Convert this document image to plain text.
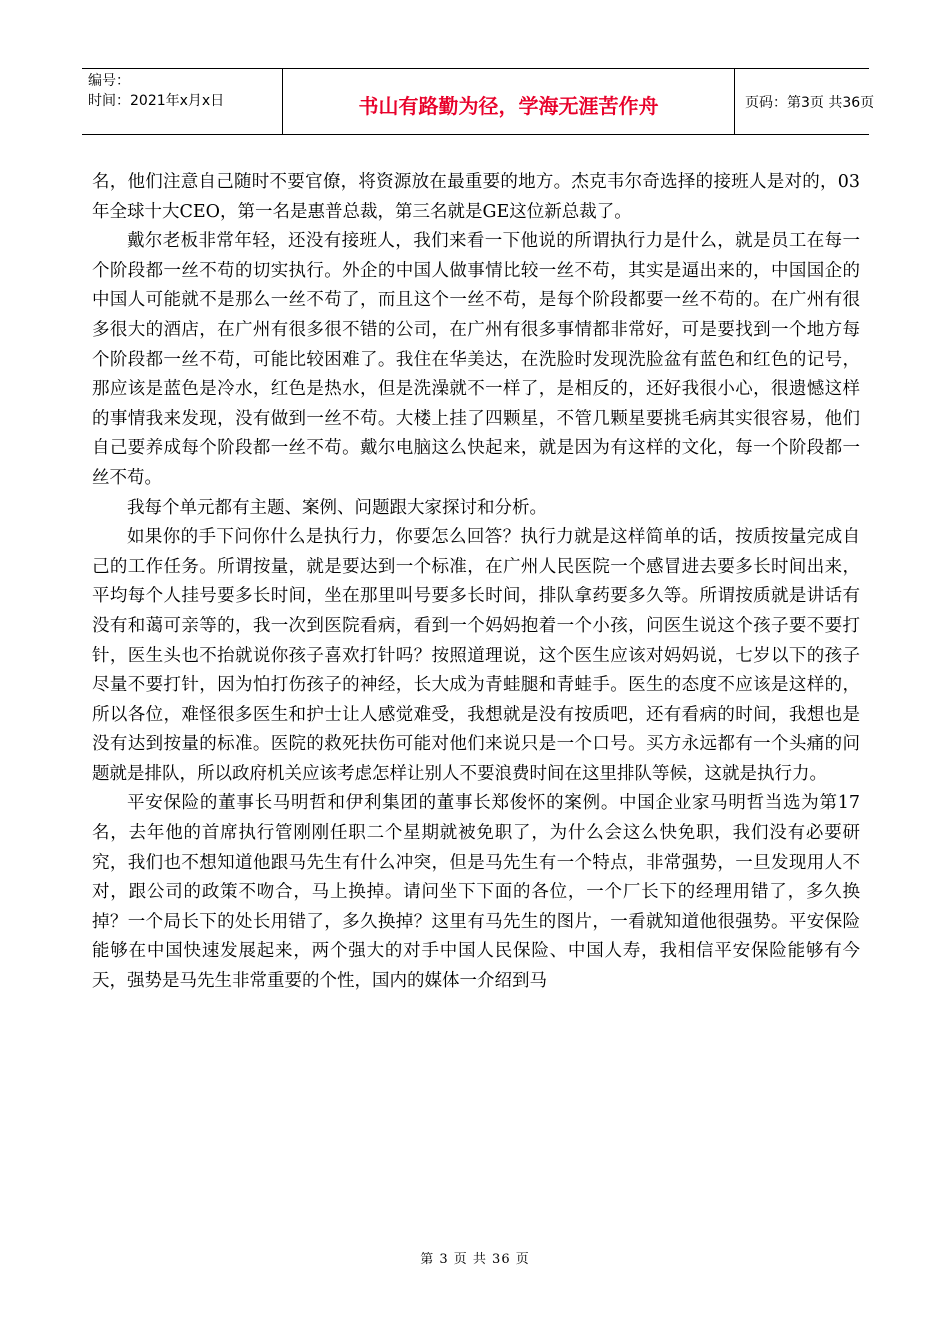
编号：
时间：2021年x月x日	书山有路勤为径，学海无涯苦作舟	页码：第3页 共36页

名，他们注意自己随时不要官僚，将资源放在最重要的地方。杰克韦尔奇选择的接班人是对的，03年全球十大CEO，第一名是惠普总裁，第三名就是GE这位新总裁了。

戴尔老板非常年轻，还没有接班人，我们来看一下他说的所谓执行力是什么，就是员工在每一个阶段都一丝不苟的切实执行。外企的中国人做事情比较一丝不苟，其实是逼出来的，中国国企的中国人可能就不是那么一丝不苟了，而且这个一丝不苟，是每个阶段都要一丝不苟的。在广州有很多很大的酒店，在广州有很多很不错的公司，在广州有很多事情都非常好，可是要找到一个地方每个阶段都一丝不苟，可能比较困难了。我住在华美达，在洗脸时发现洗脸盆有蓝色和红色的记号，那应该是蓝色是冷水，红色是热水，但是洗澡就不一样了，是相反的，还好我很小心，很遗憾这样的事情我来发现，没有做到一丝不苟。大楼上挂了四颗星，不管几颗星要挑毛病其实很容易，他们自己要养成每个阶段都一丝不苟。戴尔电脑这么快起来，就是因为有这样的文化，每一个阶段都一丝不苟。

我每个单元都有主题、案例、问题跟大家探讨和分析。

如果你的手下问你什么是执行力，你要怎么回答？执行力就是这样简单的话，按质按量完成自己的工作任务。所谓按量，就是要达到一个标准，在广州人民医院一个感冒进去要多长时间出来，平均每个人挂号要多长时间，坐在那里叫号要多长时间，排队拿药要多久等。所谓按质就是讲话有没有和蔼可亲等的，我一次到医院看病，看到一个妈妈抱着一个小孩，问医生说这个孩子要不要打针，医生头也不抬就说你孩子喜欢打针吗？按照道理说，这个医生应该对妈妈说，七岁以下的孩子尽量不要打针，因为怕打伤孩子的神经，长大成为青蛙腿和青蛙手。医生的态度不应该是这样的，所以各位，难怪很多医生和护士让人感觉难受，我想就是没有按质吧，还有看病的时间，我想也是没有达到按量的标准。医院的救死扶伤可能对他们来说只是一个口号。买方永远都有一个头痛的问题就是排队，所以政府机关应该考虑怎样让别人不要浪费时间在这里排队等候，这就是执行力。

平安保险的董事长马明哲和伊利集团的董事长郑俊怀的案例。中国企业家马明哲当选为第17名，去年他的首席执行管刚刚任职二个星期就被免职了，为什么会这么快免职，我们没有必要研究，我们也不想知道他跟马先生有什么冲突，但是马先生有一个特点，非常强势，一旦发现用人不对，跟公司的政策不吻合，马上换掉。请问坐下下面的各位，一个厂长下的经理用错了，多久换掉？一个局长下的处长用错了，多久换掉？这里有马先生的图片，一看就知道他很强势。平安保险能够在中国快速发展起来，两个强大的对手中国人民保险、中国人寿，我相信平安保险能够有今天，强势是马先生非常重要的个性，国内的媒体一介绍到马

第 3 页 共 36 页
